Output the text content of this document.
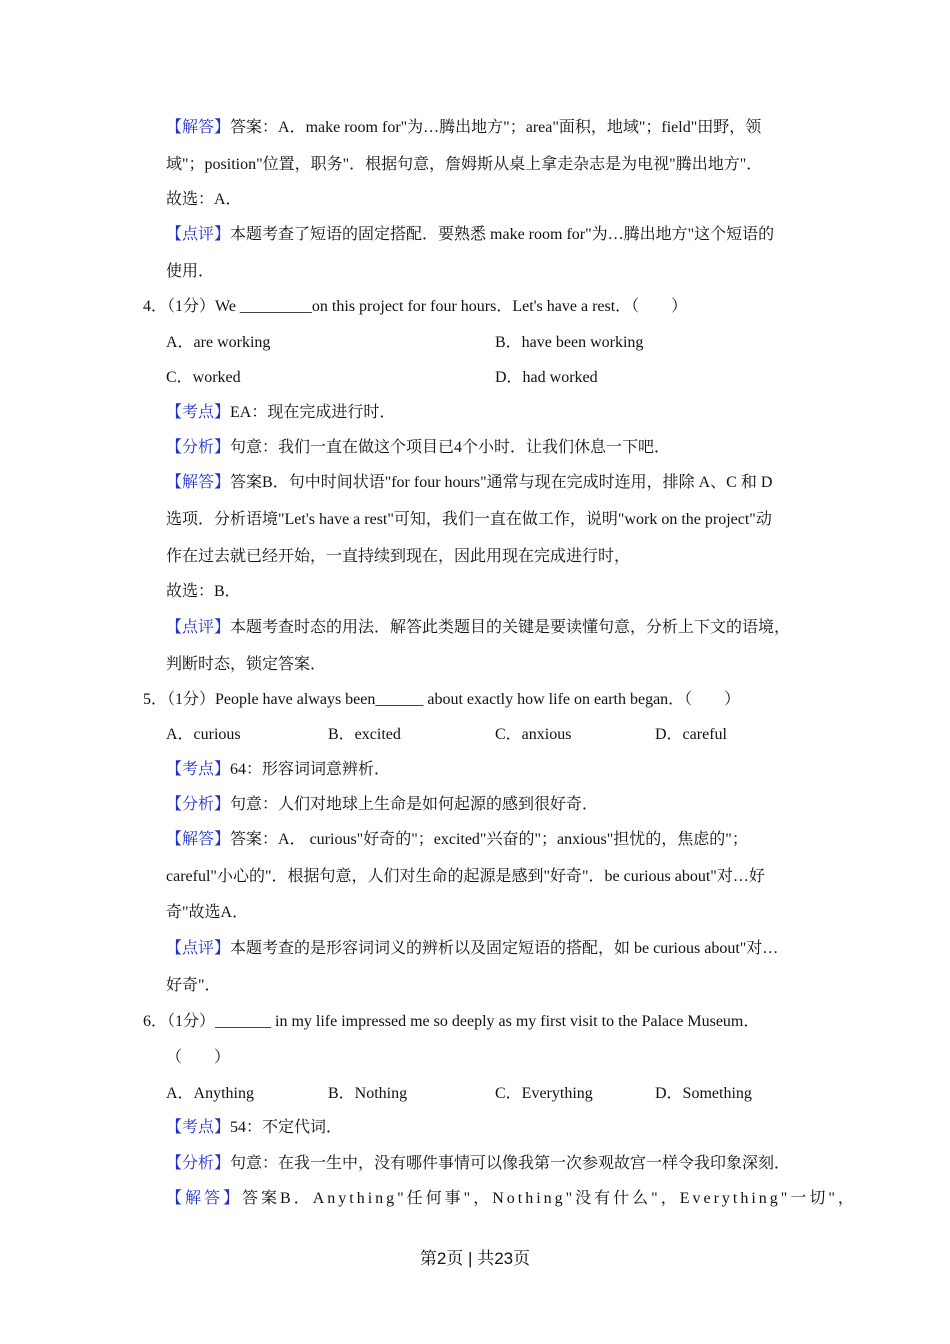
【解答】答案：A．make room for"为…腾出地方"；area"面积，地域"；field"田野，领
域"；position"位置，职务"．根据句意，詹姆斯从桌上拿走杂志是为电视"腾出地方"．
故选：A．
【点评】本题考查了短语的固定搭配．要熟悉 make room for"为…腾出地方"这个短语的
使用．
4．（1分）We _________on this project for four hours．Let's have a rest．（　　）
A．are working	B．have been working
C．worked	D．had worked
【考点】EA：现在完成进行时．
【分析】句意：我们一直在做这个项目已4个小时．让我们休息一下吧．
【解答】答案B．句中时间状语"for four hours"通常与现在完成时连用，排除 A、C 和 D
选项．分析语境"Let's have a rest"可知，我们一直在做工作，说明"work on the project"动
作在过去就已经开始，一直持续到现在，因此用现在完成进行时，
故选：B．
【点评】本题考查时态的用法．解答此类题目的关键是要读懂句意，分析上下文的语境，
判断时态，锁定答案．
5．（1分）People have always been______ about exactly how life on earth began．（　　）
A．curious	B．excited	C．anxious	D．careful
【考点】64：形容词词意辨析．
【分析】句意：人们对地球上生命是如何起源的感到很好奇．
【解答】答案：A． curious"好奇的"；excited"兴奋的"；anxious"担忧的，焦虑的"；
careful"小心的"．根据句意，人们对生命的起源是感到"好奇"．be curious about"对…好
奇"故选A．
【点评】本题考查的是形容词词义的辨析以及固定短语的搭配，如 be curious about"对…
好奇"．
6．（1分）_______ in my life impressed me so deeply as my first visit to the Palace Museum．
（　　）
A．Anything	B．Nothing	C．Everything	D．Something
【考点】54：不定代词．
【分析】句意：在我一生中，没有哪件事情可以像我第一次参观故宫一样令我印象深刻．
【解答】答案B．Anything"任何事"，Nothing"没有什么"，Everything"一切"，
第2页 | 共23页
